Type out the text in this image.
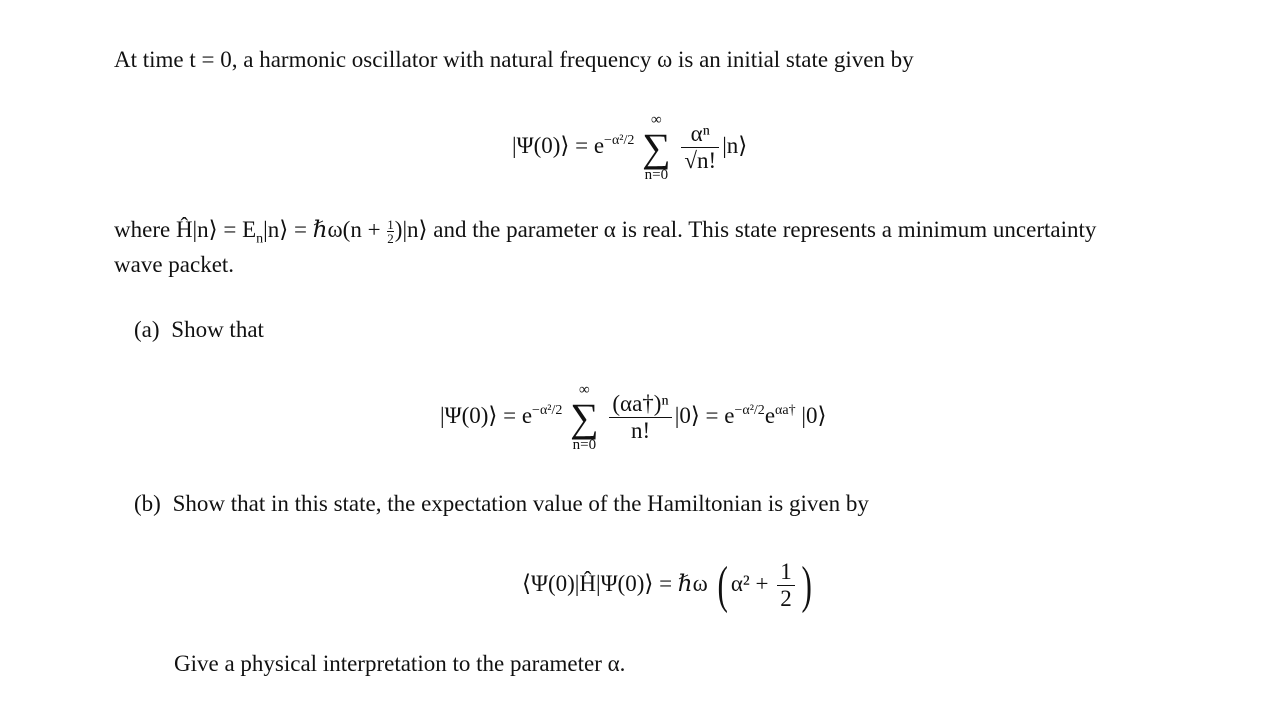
At time t = 0, a harmonic oscillator with natural frequency ω is an initial state given by
|Ψ(0)⟩ = $e^{-\alpha^2/2}$
∞
∑
n=0

$\frac{\text{αⁿ}}{√n!}$ |n⟩
where Ĥ|n⟩ = $E_n|n⟩$ = ℏω(n + $\frac{1}{2}$ )|n⟩ and the parameter α is real. This state represents a minimum uncertainty
wave packet.
(a) Show that
|Ψ(0)⟩ = $e^{-\alpha^2/2}$
∞
∑
n=0

$\frac{\text{(αa†)ⁿ}}{n!}$ |0⟩ = $e^{-\alpha^2/2}e^{\alpha a\dagger}$ |0⟩
(b) Show that in this state, the expectation value of the Hamiltonian is given by
⟨Ψ(0)|Ĥ|Ψ(0)⟩ = ℏω ( $\alpha^2 + \frac{1}{2}$ )
Give a physical interpretation to the parameter α.
